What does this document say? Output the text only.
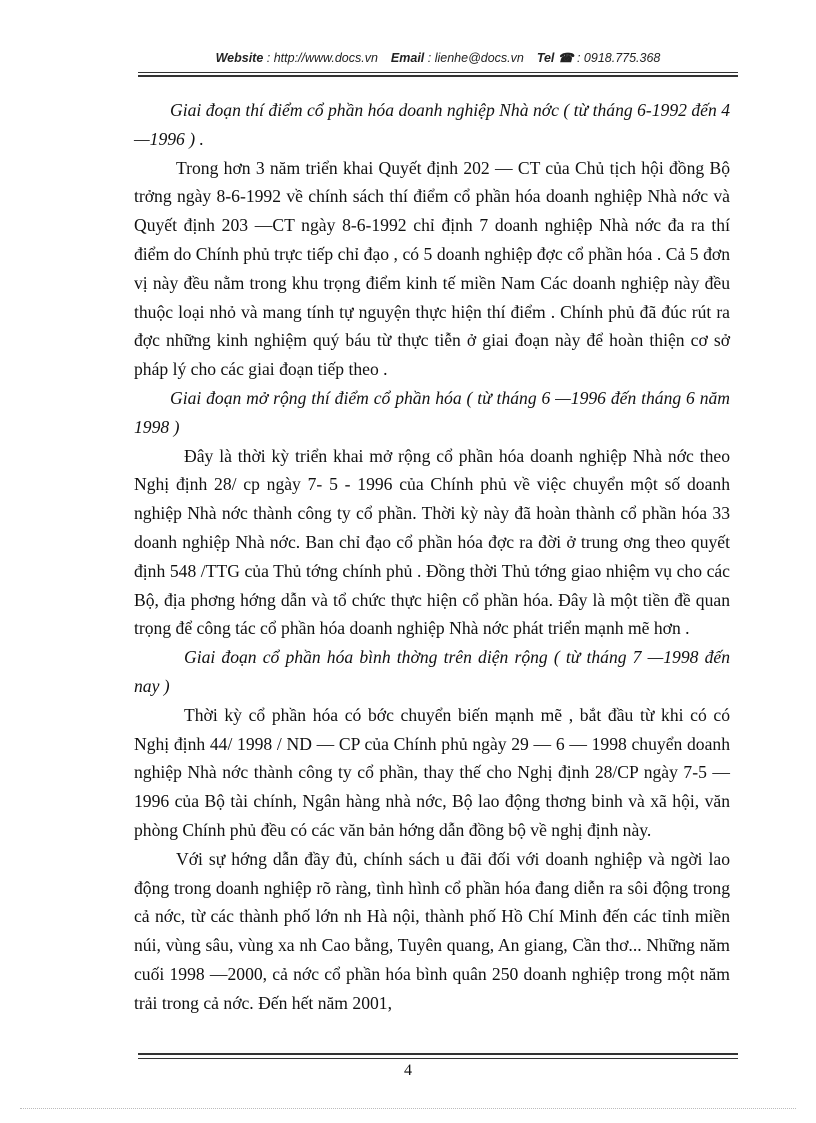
Website : http://www.docs.vn Email : lienhe@docs.vn Tel ☎ : 0918.775.368

Giai đoạn thí điểm cổ phần hóa doanh nghiệp Nhà nớc ( từ tháng 6-1992 đến 4 —1996 ) .

Trong hơn 3 năm triển khai Quyết định 202 — CT của Chủ tịch hội đồng Bộ trởng ngày 8-6-1992 về chính sách thí điểm cổ phần hóa doanh nghiệp Nhà nớc và Quyết định 203 —CT ngày 8-6-1992 chỉ định 7 doanh nghiệp Nhà nớc đa ra thí điểm do Chính phủ trực tiếp chỉ đạo , có 5 doanh nghiệp đợc cổ phần hóa . Cả 5 đơn vị này đều nằm trong khu trọng điểm kinh tế miền Nam Các doanh nghiệp này đều thuộc loại nhỏ và mang tính tự nguyện thực hiện thí điểm . Chính phủ đã đúc rút ra đợc những kinh nghiệm quý báu từ thực tiễn ở giai đoạn này để hoàn thiện cơ sở pháp lý cho các giai đoạn tiếp theo .

Giai đoạn mở rộng thí điểm cổ phần hóa ( từ tháng 6 —1996 đến tháng 6 năm 1998 )

Đây là thời kỳ triển khai mở rộng cổ phần hóa doanh nghiệp Nhà nớc theo Nghị định 28/ cp ngày 7- 5 - 1996 của Chính phủ về việc chuyển một số doanh nghiệp Nhà nớc thành công ty cổ phần. Thời kỳ này đã hoàn thành cổ phần hóa 33 doanh nghiệp Nhà nớc. Ban chỉ đạo cổ phần hóa đợc ra đời ở trung ơng theo quyết định 548 /TTG của Thủ tớng chính phủ . Đồng thời Thủ tớng giao nhiệm vụ cho các Bộ, địa phơng hớng dẫn và tổ chức thực hiện cổ phần hóa. Đây là một tiền đề quan trọng để công tác cổ phần hóa doanh nghiệp Nhà nớc phát triển mạnh mẽ hơn .

Giai đoạn cổ phần hóa bình thờng trên diện rộng ( từ tháng 7 —1998 đến nay )

Thời kỳ cổ phần hóa có bớc chuyển biến mạnh mẽ , bắt đầu từ khi có có Nghị định 44/ 1998 / ND — CP của Chính phủ ngày 29 — 6 — 1998 chuyển doanh nghiệp Nhà nớc thành công ty cổ phần, thay thế cho Nghị định 28/CP ngày 7-5 —1996 của Bộ tài chính, Ngân hàng nhà nớc, Bộ lao động thơng binh và xã hội, văn phòng Chính phủ đều có các văn bản hớng dẫn đồng bộ về nghị định này.

Với sự hớng dẫn đầy đủ, chính sách u đãi đối với doanh nghiệp và ngời lao động trong doanh nghiệp rõ ràng, tình hình cổ phần hóa đang diễn ra sôi động trong cả nớc, từ các thành phố lớn nh Hà nội, thành phố Hồ Chí Minh đến các tỉnh miền núi, vùng sâu, vùng xa nh Cao bằng, Tuyên quang, An giang, Cần thơ... Những năm cuối 1998 —2000, cả nớc cổ phần hóa bình quân 250 doanh nghiệp trong một năm trải trong cả nớc. Đến hết năm 2001,

4
